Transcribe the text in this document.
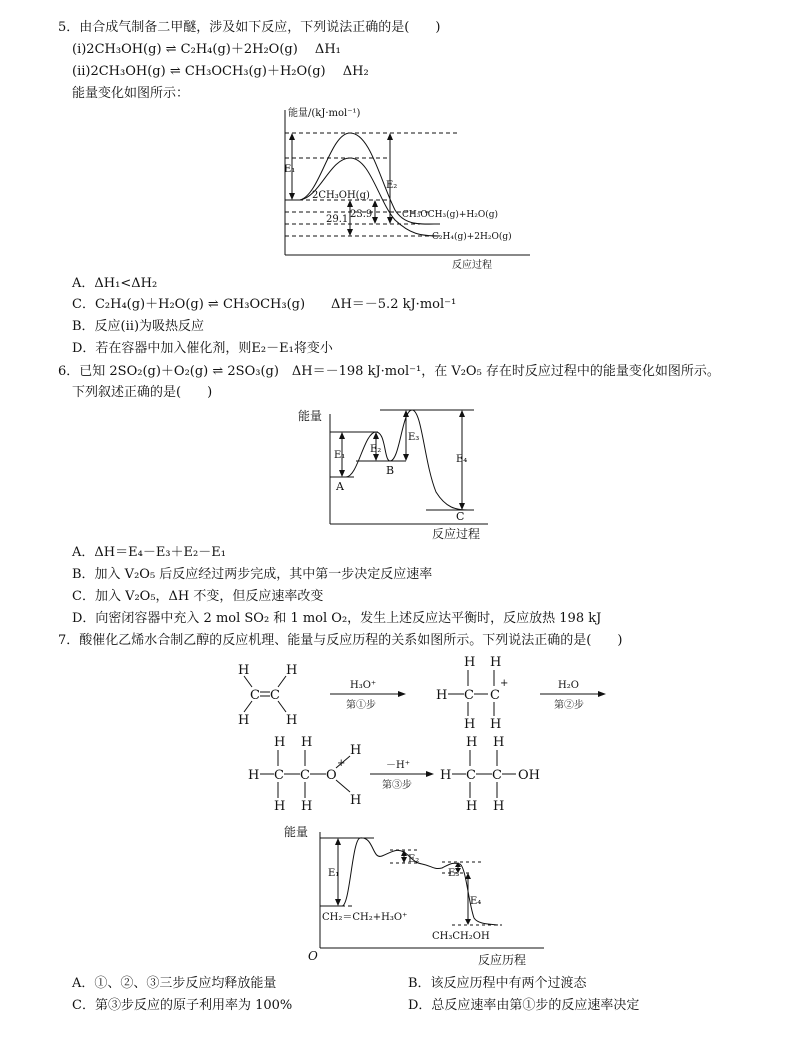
5．由合成气制备二甲醚，涉及如下反应，下列说法正确的是(　　)
(ⅰ)2CH₃OH(g) ⇌ C₂H₄(g)＋2H₂O(g)　 ΔH₁
(ⅱ)2CH₃OH(g) ⇌ CH₃OCH₃(g)＋H₂O(g)　 ΔH₂
能量变化如图所示：
能量/(kJ·mol⁻¹)
E₁
E₂
2CH₃OH(g)
29.1 23.9	CH₃OCH₃(g)+H₂O(g)
C₂H₄(g)+2H₂O(g)
反应过程
A．ΔH₁<ΔH₂
C．C₂H₄(g)＋H₂O(g) ⇌ CH₃OCH₃(g)　　ΔH＝－5.2 kJ·mol⁻¹
B．反应(ⅱ)为吸热反应
D．若在容器中加入催化剂，则E₂－E₁将变小
6．已知 2SO₂(g)＋O₂(g) ⇌ 2SO₃(g)　ΔH＝－198 kJ·mol⁻¹，在 V₂O₅ 存在时反应过程中的能量变化如图所示。
下列叙述正确的是(　　)
能量
E₁
E₂
E₃
E₄
A
B
C
反应过程
A．ΔH＝E₄－E₃＋E₂－E₁
B．加入 V₂O₅ 后反应经过两步完成，其中第一步决定反应速率
C．加入 V₂O₅，ΔH 不变，但反应速率改变
D．向密闭容器中充入 2 mol SO₂ 和 1 mol O₂，发生上述反应达平衡时，反应放热 198 kJ
7．酸催化乙烯水合制乙醇的反应机理、能量与反应历程的关系如图所示。下列说法正确的是(　　)
H
H
C C
H
H
H C C
+
H
H
H
H
H C C O
+
H
H
H
H
H
H
H C C OH
H
H
H
H
H₃O⁺
第①步
H₂O
第②步
－H⁺
第③步
能量
O
E₁
E₂
E₃
E₄
CH₂＝CH₂+H₃O⁺
CH₃CH₂OH
反应历程
A．①、②、③三步反应均释放能量	B．该反应历程中有两个过渡态
C．第③步反应的原子利用率为 100%	D．总反应速率由第①步的反应速率决定
